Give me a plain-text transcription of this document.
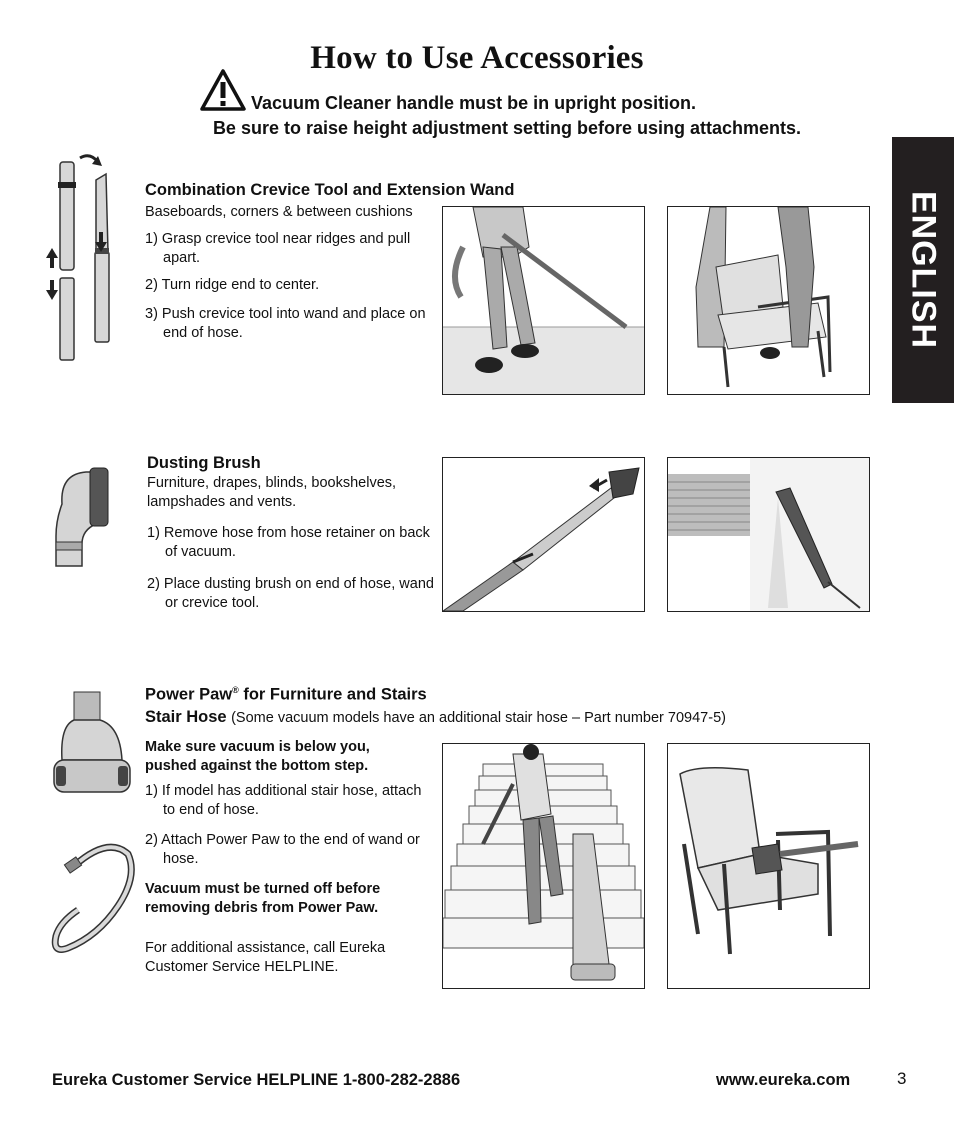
How to Use Accessories
Vacuum Cleaner handle must be in upright position.
Be sure to raise height adjustment setting before using attachments.
ENGLISH
Combination Crevice Tool and Extension Wand
Baseboards, corners & between cushions
1) Grasp crevice tool near ridges and pull apart.
2) Turn ridge end to center.
3) Push crevice tool into wand and place on end of hose.
Dusting Brush
Furniture, drapes, blinds, bookshelves, lampshades and vents.
1) Remove hose from hose retainer on back of vacuum.
2) Place dusting brush on end of hose, wand or crevice tool.
Power Paw® for Furniture and Stairs
Stair Hose (Some vacuum models have an additional stair hose – Part number 70947-5)
Make sure vacuum is below you, pushed against the bottom step.
1) If model has additional stair hose, attach to end of hose.
2) Attach Power Paw to the end of wand or hose.
Vacuum must be turned off before removing debris from Power Paw.
For additional assistance, call Eureka Customer Service HELPLINE.
Eureka Customer Service HELPLINE 1-800-282-2886	www.eureka.com	3
